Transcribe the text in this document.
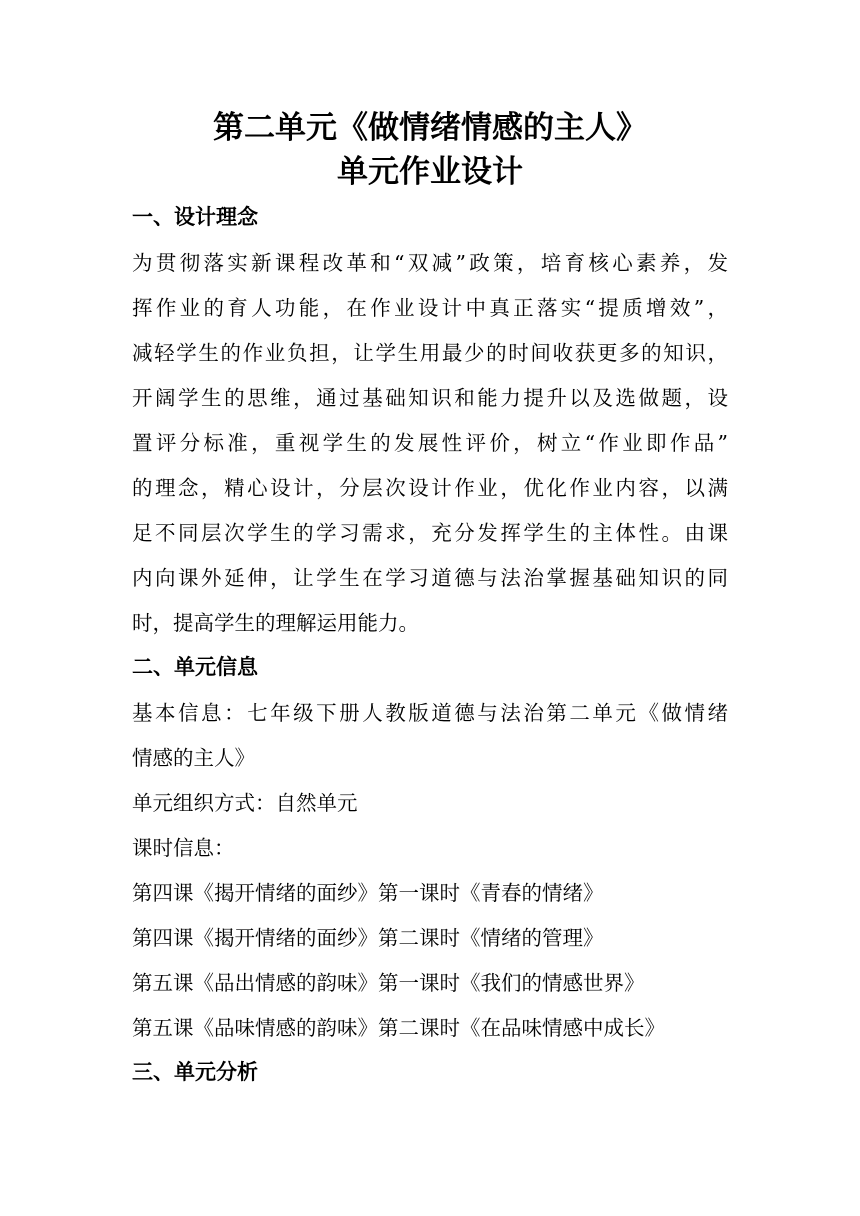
第二单元《做情绪情感的主人》
单元作业设计
一、设计理念
为贯彻落实新课程改革和“双减”政策，培育核心素养，发
挥作业的育人功能，在作业设计中真正落实“提质增效”，
减轻学生的作业负担，让学生用最少的时间收获更多的知识，
开阔学生的思维，通过基础知识和能力提升以及选做题，设
置评分标准，重视学生的发展性评价，树立“作业即作品”
的理念，精心设计，分层次设计作业，优化作业内容，以满
足不同层次学生的学习需求，充分发挥学生的主体性。由课
内向课外延伸，让学生在学习道德与法治掌握基础知识的同
时，提高学生的理解运用能力。
二、单元信息
基本信息：七年级下册人教版道德与法治第二单元《做情绪
情感的主人》
单元组织方式：自然单元
课时信息：
第四课《揭开情绪的面纱》第一课时《青春的情绪》
第四课《揭开情绪的面纱》第二课时《情绪的管理》
第五课《品出情感的韵味》第一课时《我们的情感世界》
第五课《品味情感的韵味》第二课时《在品味情感中成长》
三、单元分析
